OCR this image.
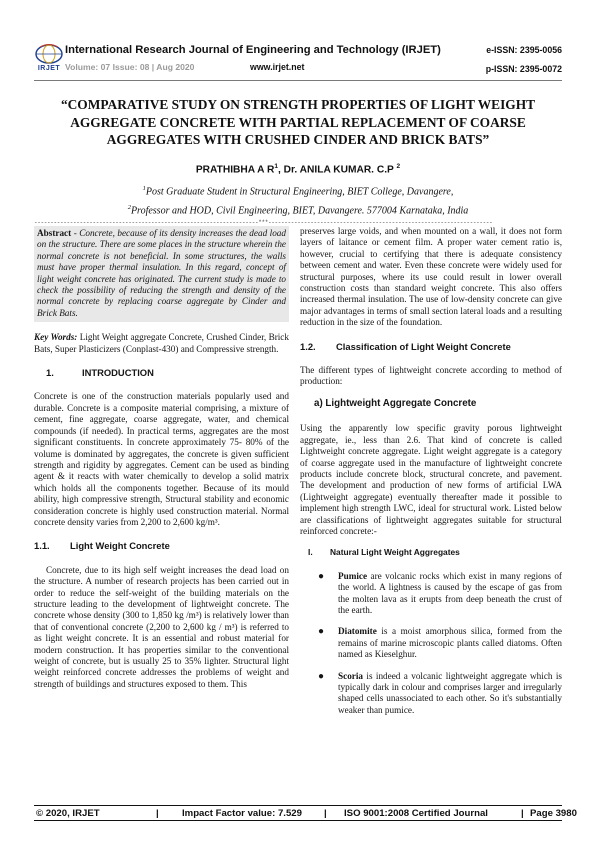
IRJET
International Research Journal of Engineering and Technology (IRJET)
Volume: 07 Issue: 08 | Aug 2020	www.irjet.net
e-ISSN: 2395-0056
p-ISSN: 2395-0072
“COMPARATIVE STUDY ON STRENGTH PROPERTIES OF LIGHT WEIGHT AGGREGATE CONCRETE WITH PARTIAL REPLACEMENT OF COARSE AGGREGATES WITH CRUSHED CINDER AND BRICK BATS”
PRATHIBHA A $R^1$, Dr. ANILA KUMAR. C.P $^2$
$^1$Post Graduate Student in Structural Engineering, BIET College, Davangere,
$^2$Professor and HOD, Civil Engineering, BIET, Davangere. 577004 Karnataka, India
---------------------------------------------------------------------***---------------------------------------------------------------------
Abstract - Concrete, because of its density increases the dead load on the structure. There are some places in the structure wherein the normal concrete is not beneficial. In some structures, the walls must have proper thermal insulation. In this regard, concept of light weight concrete has originated. The current study is made to check the possibility of reducing the strength and density of the normal concrete by replacing coarse aggregate by Cinder and Brick Bats.
Key Words: Light Weight aggregate Concrete, Crushed Cinder, Brick Bats, Super Plasticizers (Conplast-430) and Compressive strength.
1.	INTRODUCTION
Concrete is one of the construction materials popularly used and durable. Concrete is a composite material comprising, a mixture of cement, fine aggregate, coarse aggregate, water, and chemical compounds (if needed). In practical terms, aggregates are the most significant constituents. In concrete approximately 75- 80% of the volume is dominated by aggregates, the concrete is given sufficient strength and rigidity by aggregates. Cement can be used as binding agent & it reacts with water chemically to develop a solid matrix which holds all the components together. Because of its mould ability, high compressive strength, Structural stability and economic consideration concrete is highly used construction material. Normal concrete density varies from 2,200 to 2,600 kg/m³.
1.1.	Light Weight Concrete
Concrete, due to its high self weight increases the dead load on the structure. A number of research projects has been carried out in order to reduce the self-weight of the building materials on the structure leading to the development of lightweight concrete. The concrete whose density (300 to 1,850 kg /m³) is relatively lower than that of conventional concrete (2,200 to 2,600 kg / m³) is referred to as light weight concrete. It is an essential and robust material for modern construction. It has properties similar to the conventional weight of concrete, but is usually 25 to 35% lighter. Structural light weight reinforced concrete addresses the problems of weight and strength of buildings and structures exposed to them. This
preserves large voids, and when mounted on a wall, it does not form layers of laitance or cement film. A proper water cement ratio is, however, crucial to certifying that there is adequate consistency between cement and water. Even these concrete were widely used for structural purposes, where its use could result in lower overall construction costs than standard weight concrete. This also offers increased thermal insulation. The use of low-density concrete can give major advantages in terms of small section lateral loads and a resulting reduction in the size of the foundation.
1.2.	Classification of Light Weight Concrete
The different types of lightweight concrete according to method of production:
a) Lightweight Aggregate Concrete
Using the apparently low specific gravity porous lightweight aggregate, ie., less than 2.6. That kind of concrete is called Lightweight concrete aggregate. Light weight aggregate is a category of coarse aggregate used in the manufacture of lightweight concrete products include concrete block, structural concrete, and pavement. The development and production of new forms of artificial LWA (Lightweight aggregate) eventually thereafter made it possible to implement high strength LWC, ideal for structural work. Listed below are classifications of lightweight aggregates suitable for structural reinforced concrete:-
I.	Natural Light Weight Aggregates
●	Pumice are volcanic rocks which exist in many regions of the world. A lightness is caused by the escape of gas from the molten lava as it erupts from deep beneath the crust of the earth.
●	Diatomite is a moist amorphous silica, formed from the remains of marine microscopic plants called diatoms. Often named as Kieselghur.
●	Scoria is indeed a volcanic lightweight aggregate which is typically dark in colour and comprises larger and irregularly shaped cells unassociated to each other. So it's substantially weaker than pumice.
© 2020, IRJET	| Impact Factor value: 7.529 | ISO 9001:2008 Certified Journal	| Page 3980
